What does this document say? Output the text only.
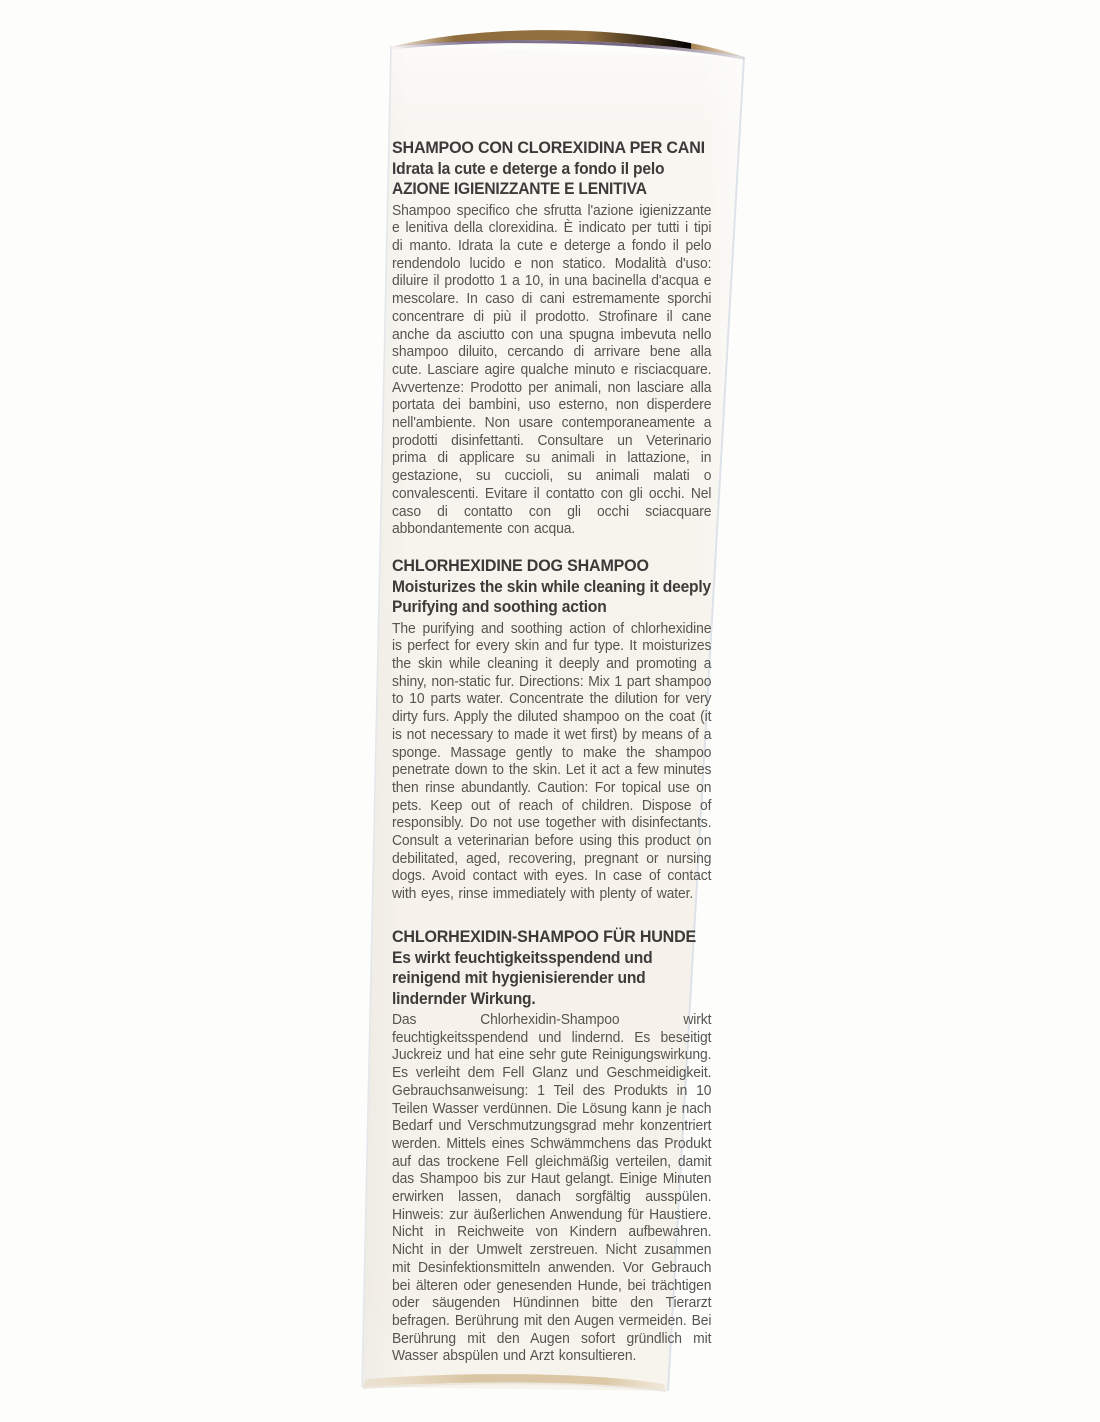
SHAMPOO CON CLOREXIDINA PER CANI

Idrata la cute e deterge a fondo il pelo

AZIONE IGIENIZZANTE E LENITIVA

Shampoo specifico che sfrutta l'azione igienizzante e lenitiva della clorexidina. È indicato per tutti i tipi di manto. Idrata la cute e deterge a fondo il pelo rendendolo lucido e non statico. Modalità d'uso: diluire il prodotto 1 a 10, in una bacinella d'acqua e mescolare. In caso di cani estremamente sporchi concentrare di più il prodotto. Strofinare il cane anche da asciutto con una spugna imbevuta nello shampoo diluito, cercando di arrivare bene alla cute. Lasciare agire qualche minuto e risciacquare. Avvertenze: Prodotto per animali, non lasciare alla portata dei bambini, uso esterno, non disperdere nell'ambiente. Non usare contemporaneamente a prodotti disinfettanti. Consultare un Veterinario prima di applicare su animali in lattazione, in gestazione, su cuccioli, su animali malati o convalescenti. Evitare il contatto con gli occhi. Nel caso di contatto con gli occhi sciacquare abbondantemente con acqua.

CHLORHEXIDINE DOG SHAMPOO

Moisturizes the skin while cleaning it deeply

Purifying and soothing action

The purifying and soothing action of chlorhexidine is perfect for every skin and fur type. It moisturizes the skin while cleaning it deeply and promoting a shiny, non-static fur. Directions: Mix 1 part shampoo to 10 parts water. Concentrate the dilution for very dirty furs. Apply the diluted shampoo on the coat (it is not necessary to made it wet first) by means of a sponge. Massage gently to make the shampoo penetrate down to the skin. Let it act a few minutes then rinse abundantly. Caution: For topical use on pets. Keep out of reach of children. Dispose of responsibly. Do not use together with disinfectants. Consult a veterinarian before using this product on debilitated, aged, recovering, pregnant or nursing dogs. Avoid contact with eyes. In case of contact with eyes, rinse immediately with plenty of water.

CHLORHEXIDIN-SHAMPOO FÜR HUNDE

Es wirkt feuchtigkeitsspendend und reinigend mit hygienisierender und lindernder Wirkung.

Das Chlorhexidin-Shampoo wirkt feuchtigkeitsspendend und lindernd. Es beseitigt Juckreiz und hat eine sehr gute Reinigungswirkung. Es verleiht dem Fell Glanz und Geschmeidigkeit. Gebrauchsanweisung: 1 Teil des Produkts in 10 Teilen Wasser verdünnen. Die Lösung kann je nach Bedarf und Verschmutzungsgrad mehr konzentriert werden. Mittels eines Schwämmchens das Produkt auf das trockene Fell gleichmäßig verteilen, damit das Shampoo bis zur Haut gelangt. Einige Minuten erwirken lassen, danach sorgfältig ausspülen. Hinweis: zur äußerlichen Anwendung für Haustiere. Nicht in Reichweite von Kindern aufbewahren. Nicht in der Umwelt zerstreuen. Nicht zusammen mit Desinfektionsmitteln anwenden. Vor Gebrauch bei älteren oder genesenden Hunde, bei trächtigen oder säugenden Hündinnen bitte den Tierarzt befragen. Berührung mit den Augen vermeiden. Bei Berührung mit den Augen sofort gründlich mit Wasser abspülen und Arzt konsultieren.
